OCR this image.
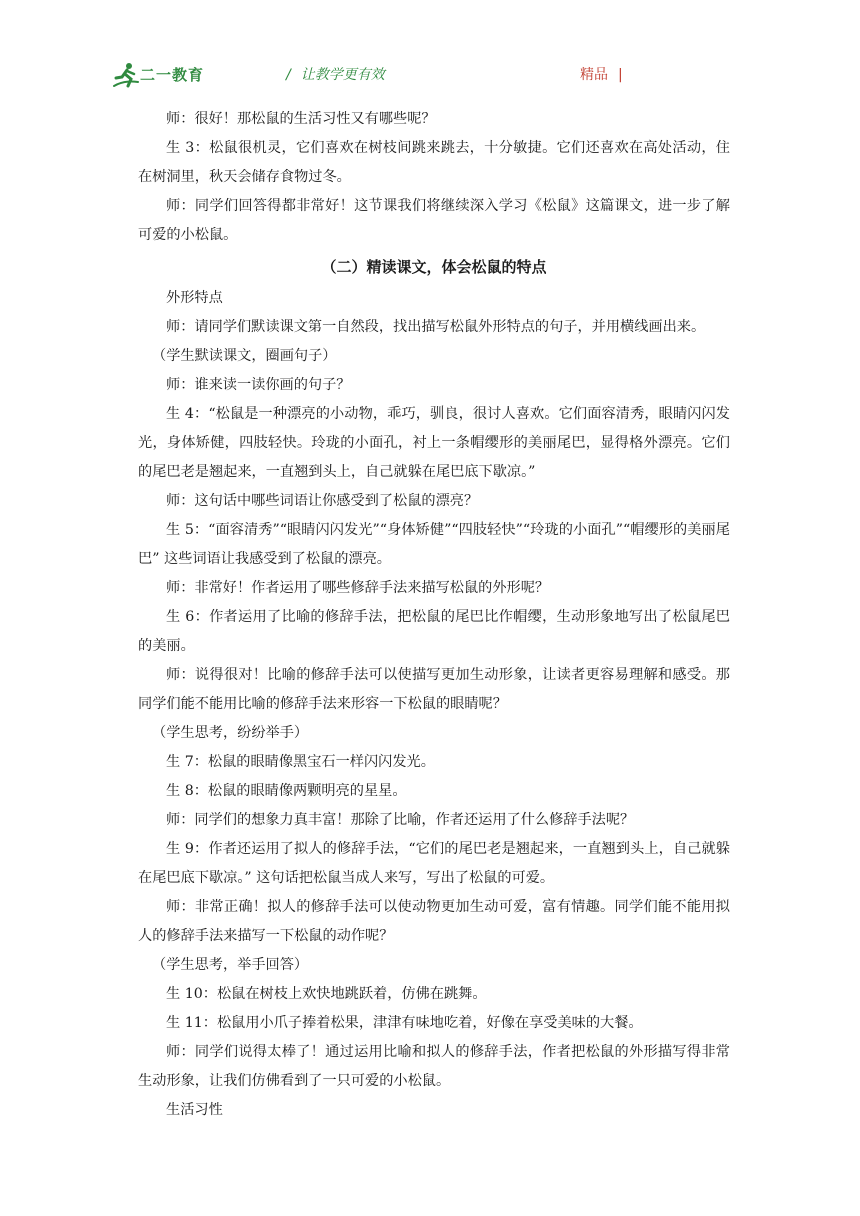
二一教育	/ 让教学更有效	精品 |

师：很好！那松鼠的生活习性又有哪些呢？

生 3：松鼠很机灵，它们喜欢在树枝间跳来跳去，十分敏捷。它们还喜欢在高处活动，住在树洞里，秋天会储存食物过冬。

师：同学们回答得都非常好！这节课我们将继续深入学习《松鼠》这篇课文，进一步了解可爱的小松鼠。

（二）精读课文，体会松鼠的特点

外形特点

师：请同学们默读课文第一自然段，找出描写松鼠外形特点的句子，并用横线画出来。

（学生默读课文，圈画句子）

师：谁来读一读你画的句子？

生 4：“松鼠是一种漂亮的小动物，乖巧，驯良，很讨人喜欢。它们面容清秀，眼睛闪闪发光，身体矫健，四肢轻快。玲珑的小面孔，衬上一条帽缨形的美丽尾巴，显得格外漂亮。它们的尾巴老是翘起来，一直翘到头上，自己就躲在尾巴底下歇凉。”

师：这句话中哪些词语让你感受到了松鼠的漂亮？

生 5：“面容清秀”“眼睛闪闪发光”“身体矫健”“四肢轻快”“玲珑的小面孔”“帽缨形的美丽尾巴” 这些词语让我感受到了松鼠的漂亮。

师：非常好！作者运用了哪些修辞手法来描写松鼠的外形呢？

生 6：作者运用了比喻的修辞手法，把松鼠的尾巴比作帽缨，生动形象地写出了松鼠尾巴的美丽。

师：说得很对！比喻的修辞手法可以使描写更加生动形象，让读者更容易理解和感受。那同学们能不能用比喻的修辞手法来形容一下松鼠的眼睛呢？

（学生思考，纷纷举手）

生 7：松鼠的眼睛像黑宝石一样闪闪发光。

生 8：松鼠的眼睛像两颗明亮的星星。

师：同学们的想象力真丰富！那除了比喻，作者还运用了什么修辞手法呢？

生 9：作者还运用了拟人的修辞手法，“它们的尾巴老是翘起来，一直翘到头上，自己就躲在尾巴底下歇凉。” 这句话把松鼠当成人来写，写出了松鼠的可爱。

师：非常正确！拟人的修辞手法可以使动物更加生动可爱，富有情趣。同学们能不能用拟人的修辞手法来描写一下松鼠的动作呢？

（学生思考，举手回答）

生 10：松鼠在树枝上欢快地跳跃着，仿佛在跳舞。

生 11：松鼠用小爪子捧着松果，津津有味地吃着，好像在享受美味的大餐。

师：同学们说得太棒了！通过运用比喻和拟人的修辞手法，作者把松鼠的外形描写得非常生动形象，让我们仿佛看到了一只可爱的小松鼠。

生活习性
